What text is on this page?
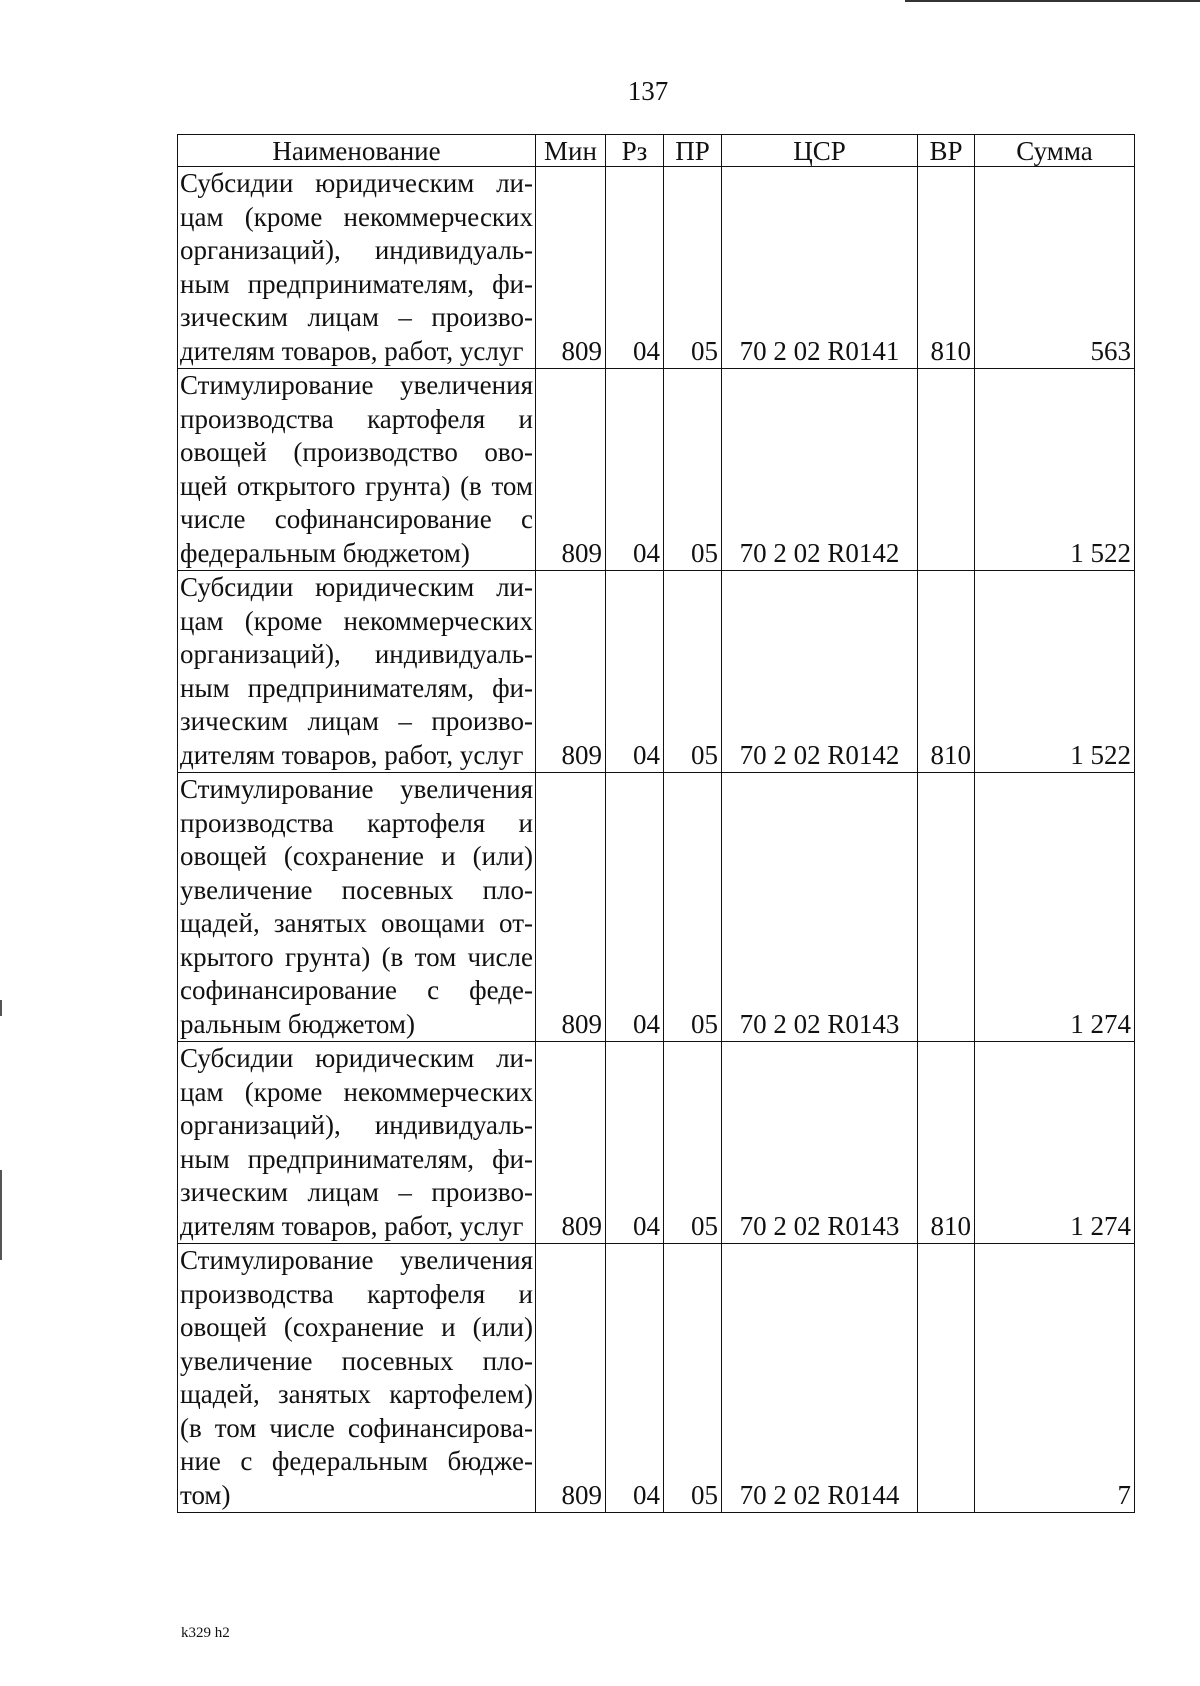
137
Наименование	Мин	Рз	ПР	ЦСР	ВР	Сумма
Субсидии юридическим ли-цам (кроме некоммерческих организаций), индивидуаль-ным предпринимателям, фи-зическим лицам – произво-дителям товаров, работ, услуг	809	04	05	70 2 02 R0141	810	563
Стимулирование увеличения производства картофеля и овощей (производство ово-щей открытого грунта) (в том числе софинансирование с федеральным бюджетом)	809	04	05	70 2 02 R0142		1 522
Субсидии юридическим ли-цам (кроме некоммерческих организаций), индивидуаль-ным предпринимателям, фи-зическим лицам – произво-дителям товаров, работ, услуг	809	04	05	70 2 02 R0142	810	1 522
Стимулирование увеличения производства картофеля и овощей (сохранение и (или) увеличение посевных пло-щадей, занятых овощами от-крытого грунта) (в том числе софинансирование с феде-ральным бюджетом)	809	04	05	70 2 02 R0143		1 274
Субсидии юридическим ли-цам (кроме некоммерческих организаций), индивидуаль-ным предпринимателям, фи-зическим лицам – произво-дителям товаров, работ, услуг	809	04	05	70 2 02 R0143	810	1 274
Стимулирование увеличения производства картофеля и овощей (сохранение и (или) увеличение посевных пло-щадей, занятых картофелем) (в том числе софинансирова-ние с федеральным бюдже-том)	809	04	05	70 2 02 R0144		7
k329 h2
